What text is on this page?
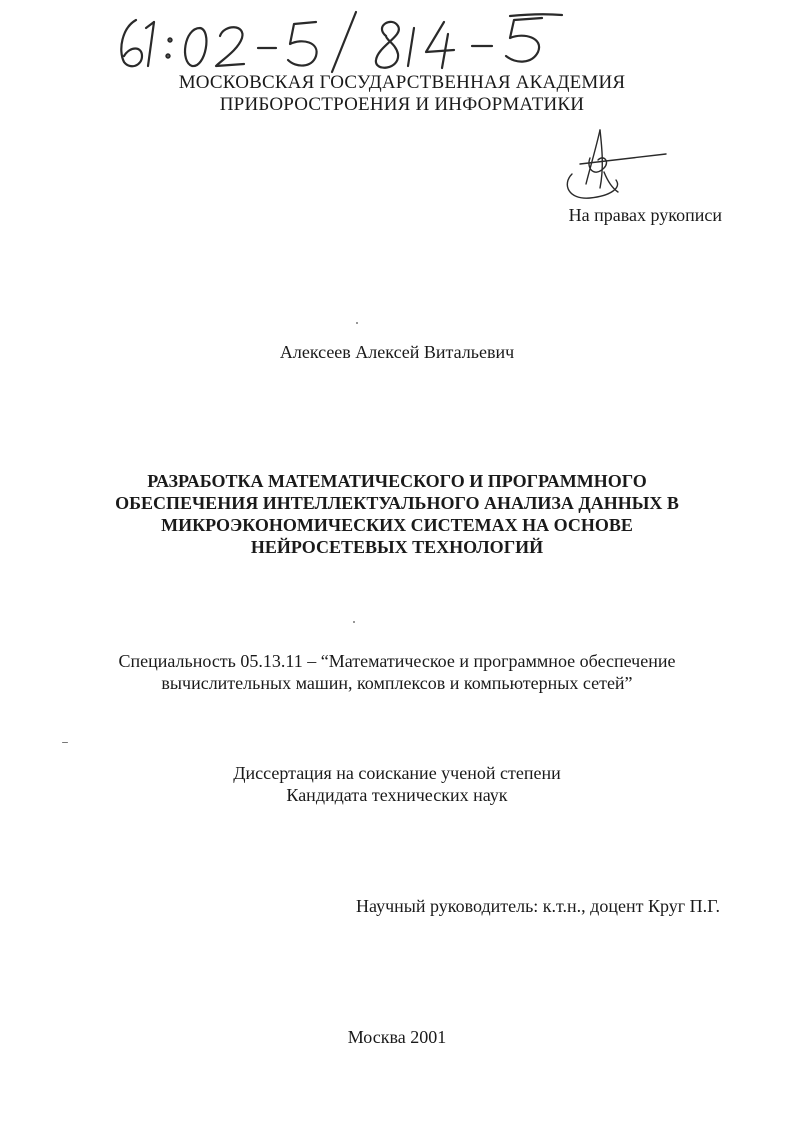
МОСКОВСКАЯ ГОСУДАРСТВЕННАЯ АКАДЕМИЯ
ПРИБОРОСТРОЕНИЯ И ИНФОРМАТИКИ
На правах рукописи
Алексеев Алексей Витальевич
РАЗРАБОТКА МАТЕМАТИЧЕСКОГО И ПРОГРАММНОГО
ОБЕСПЕЧЕНИЯ ИНТЕЛЛЕКТУАЛЬНОГО АНАЛИЗА ДАННЫХ В
МИКРОЭКОНОМИЧЕСКИХ СИСТЕМАХ НА ОСНОВЕ
НЕЙРОСЕТЕВЫХ ТЕХНОЛОГИЙ
Специальность 05.13.11 – “Математическое и программное обеспечение
вычислительных машин, комплексов и компьютерных сетей”
Диссертация на соискание ученой степени
Кандидата технических наук
Научный руководитель: к.т.н., доцент Круг П.Г.
Москва 2001
